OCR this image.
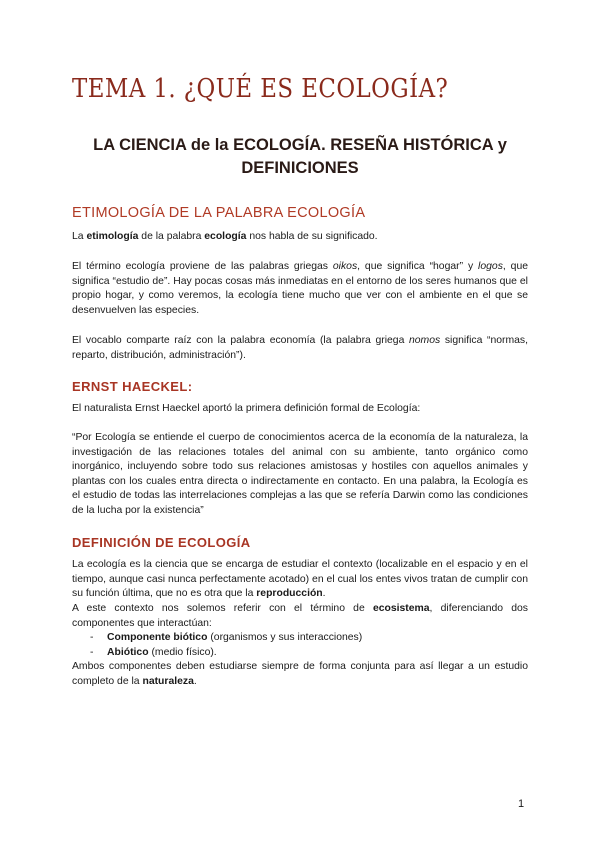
TEMA 1. ¿QUÉ ES ECOLOGÍA?
LA CIENCIA de la ECOLOGÍA. RESEÑA HISTÓRICA y
DEFINICIONES
ETIMOLOGÍA DE LA PALABRA ECOLOGÍA

La etimología de la palabra ecología nos habla de su significado.

El término ecología proviene de las palabras griegas oikos, que significa “hogar” y logos, que significa “estudio de”. Hay pocas cosas más inmediatas en el entorno de los seres humanos que el propio hogar, y como veremos, la ecología tiene mucho que ver con el ambiente en el que se desenvuelven las especies.

El vocablo comparte raíz con la palabra economía (la palabra griega nomos significa “normas, reparto, distribución, administración”).

ERNST HAECKEL:

El naturalista Ernst Haeckel aportó la primera definición formal de Ecología:

“Por Ecología se entiende el cuerpo de conocimientos acerca de la economía de la naturaleza, la investigación de las relaciones totales del animal con su ambiente, tanto orgánico como inorgánico, incluyendo sobre todo sus relaciones amistosas y hostiles con aquellos animales y plantas con los cuales entra directa o indirectamente en contacto. En una palabra, la Ecología es el estudio de todas las interrelaciones complejas a las que se refería Darwin como las condiciones de la lucha por la existencia”

DEFINICIÓN DE ECOLOGÍA

La ecología es la ciencia que se encarga de estudiar el contexto (localizable en el espacio y en el tiempo, aunque casi nunca perfectamente acotado) en el cual los entes vivos tratan de cumplir con su función última, que no es otra que la reproducción.

A este contexto nos solemos referir con el término de ecosistema, diferenciando dos componentes que interactúan:

- Componente biótico (organismos y sus interacciones)
- Abiótico (medio físico).

Ambos componentes deben estudiarse siempre de forma conjunta para así llegar a un estudio completo de la naturaleza.

1
